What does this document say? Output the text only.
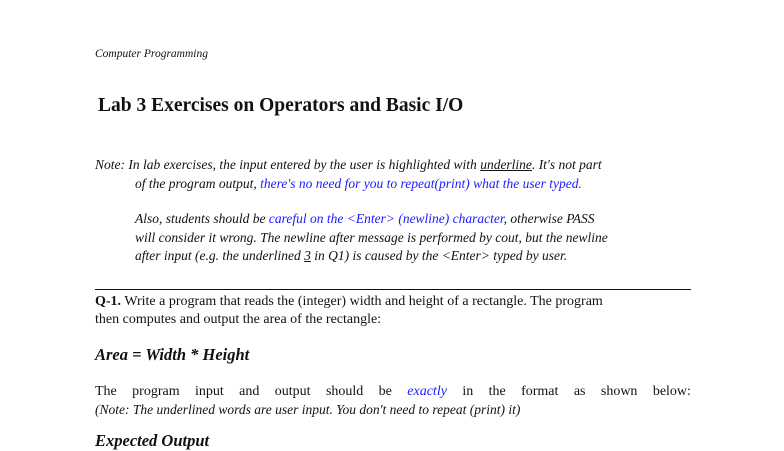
Computer Programming

Lab 3 Exercises on Operators and Basic I/O
Note: In lab exercises, the input entered by the user is highlighted with underline. It's not part
of the program output, there's no need for you to repeat(print) what the user typed.
Also, students should be careful on the <Enter> (newline) character, otherwise PASS
will consider it wrong. The newline after message is performed by cout, but the newline
after input (e.g. the underlined 3 in Q1) is caused by the <Enter> typed by user.
Q-1. Write a program that reads the (integer) width and height of a rectangle. The program
then computes and output the area of the rectangle:
Area = Width * Height
The program input and output should be exactly in the format as shown below:
(Note: The underlined words are user input. You don't need to repeat (print) it)
Expected Output
